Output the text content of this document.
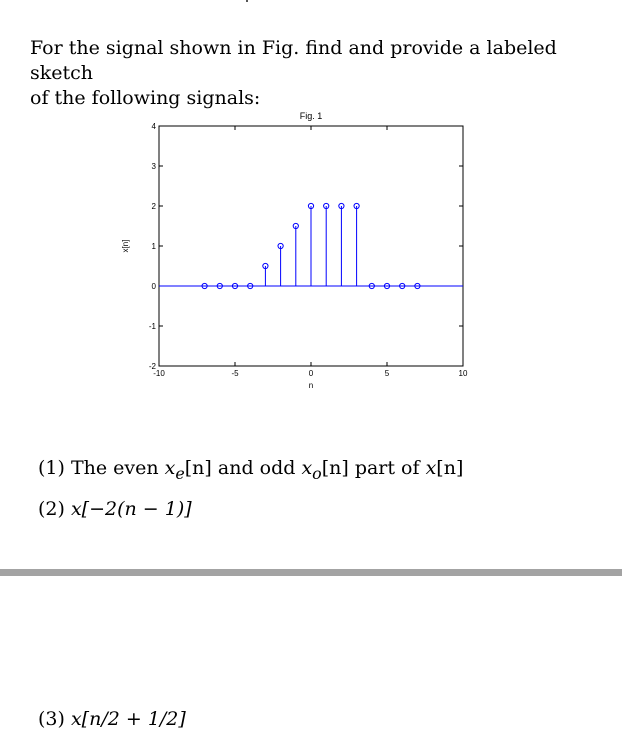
For the signal shown in Fig. find and provide a labeled sketch
of the following signals:
-2
-1
0
1
2
3
4
-10	-5	0	5	10
Fig. 1
n
x[n]

(1) The even $x_e[n]$ and odd $x_o[n]$ part of x[n]

(2) x[−2(n − 1)]

(3) x[n/2 + 1/2]
